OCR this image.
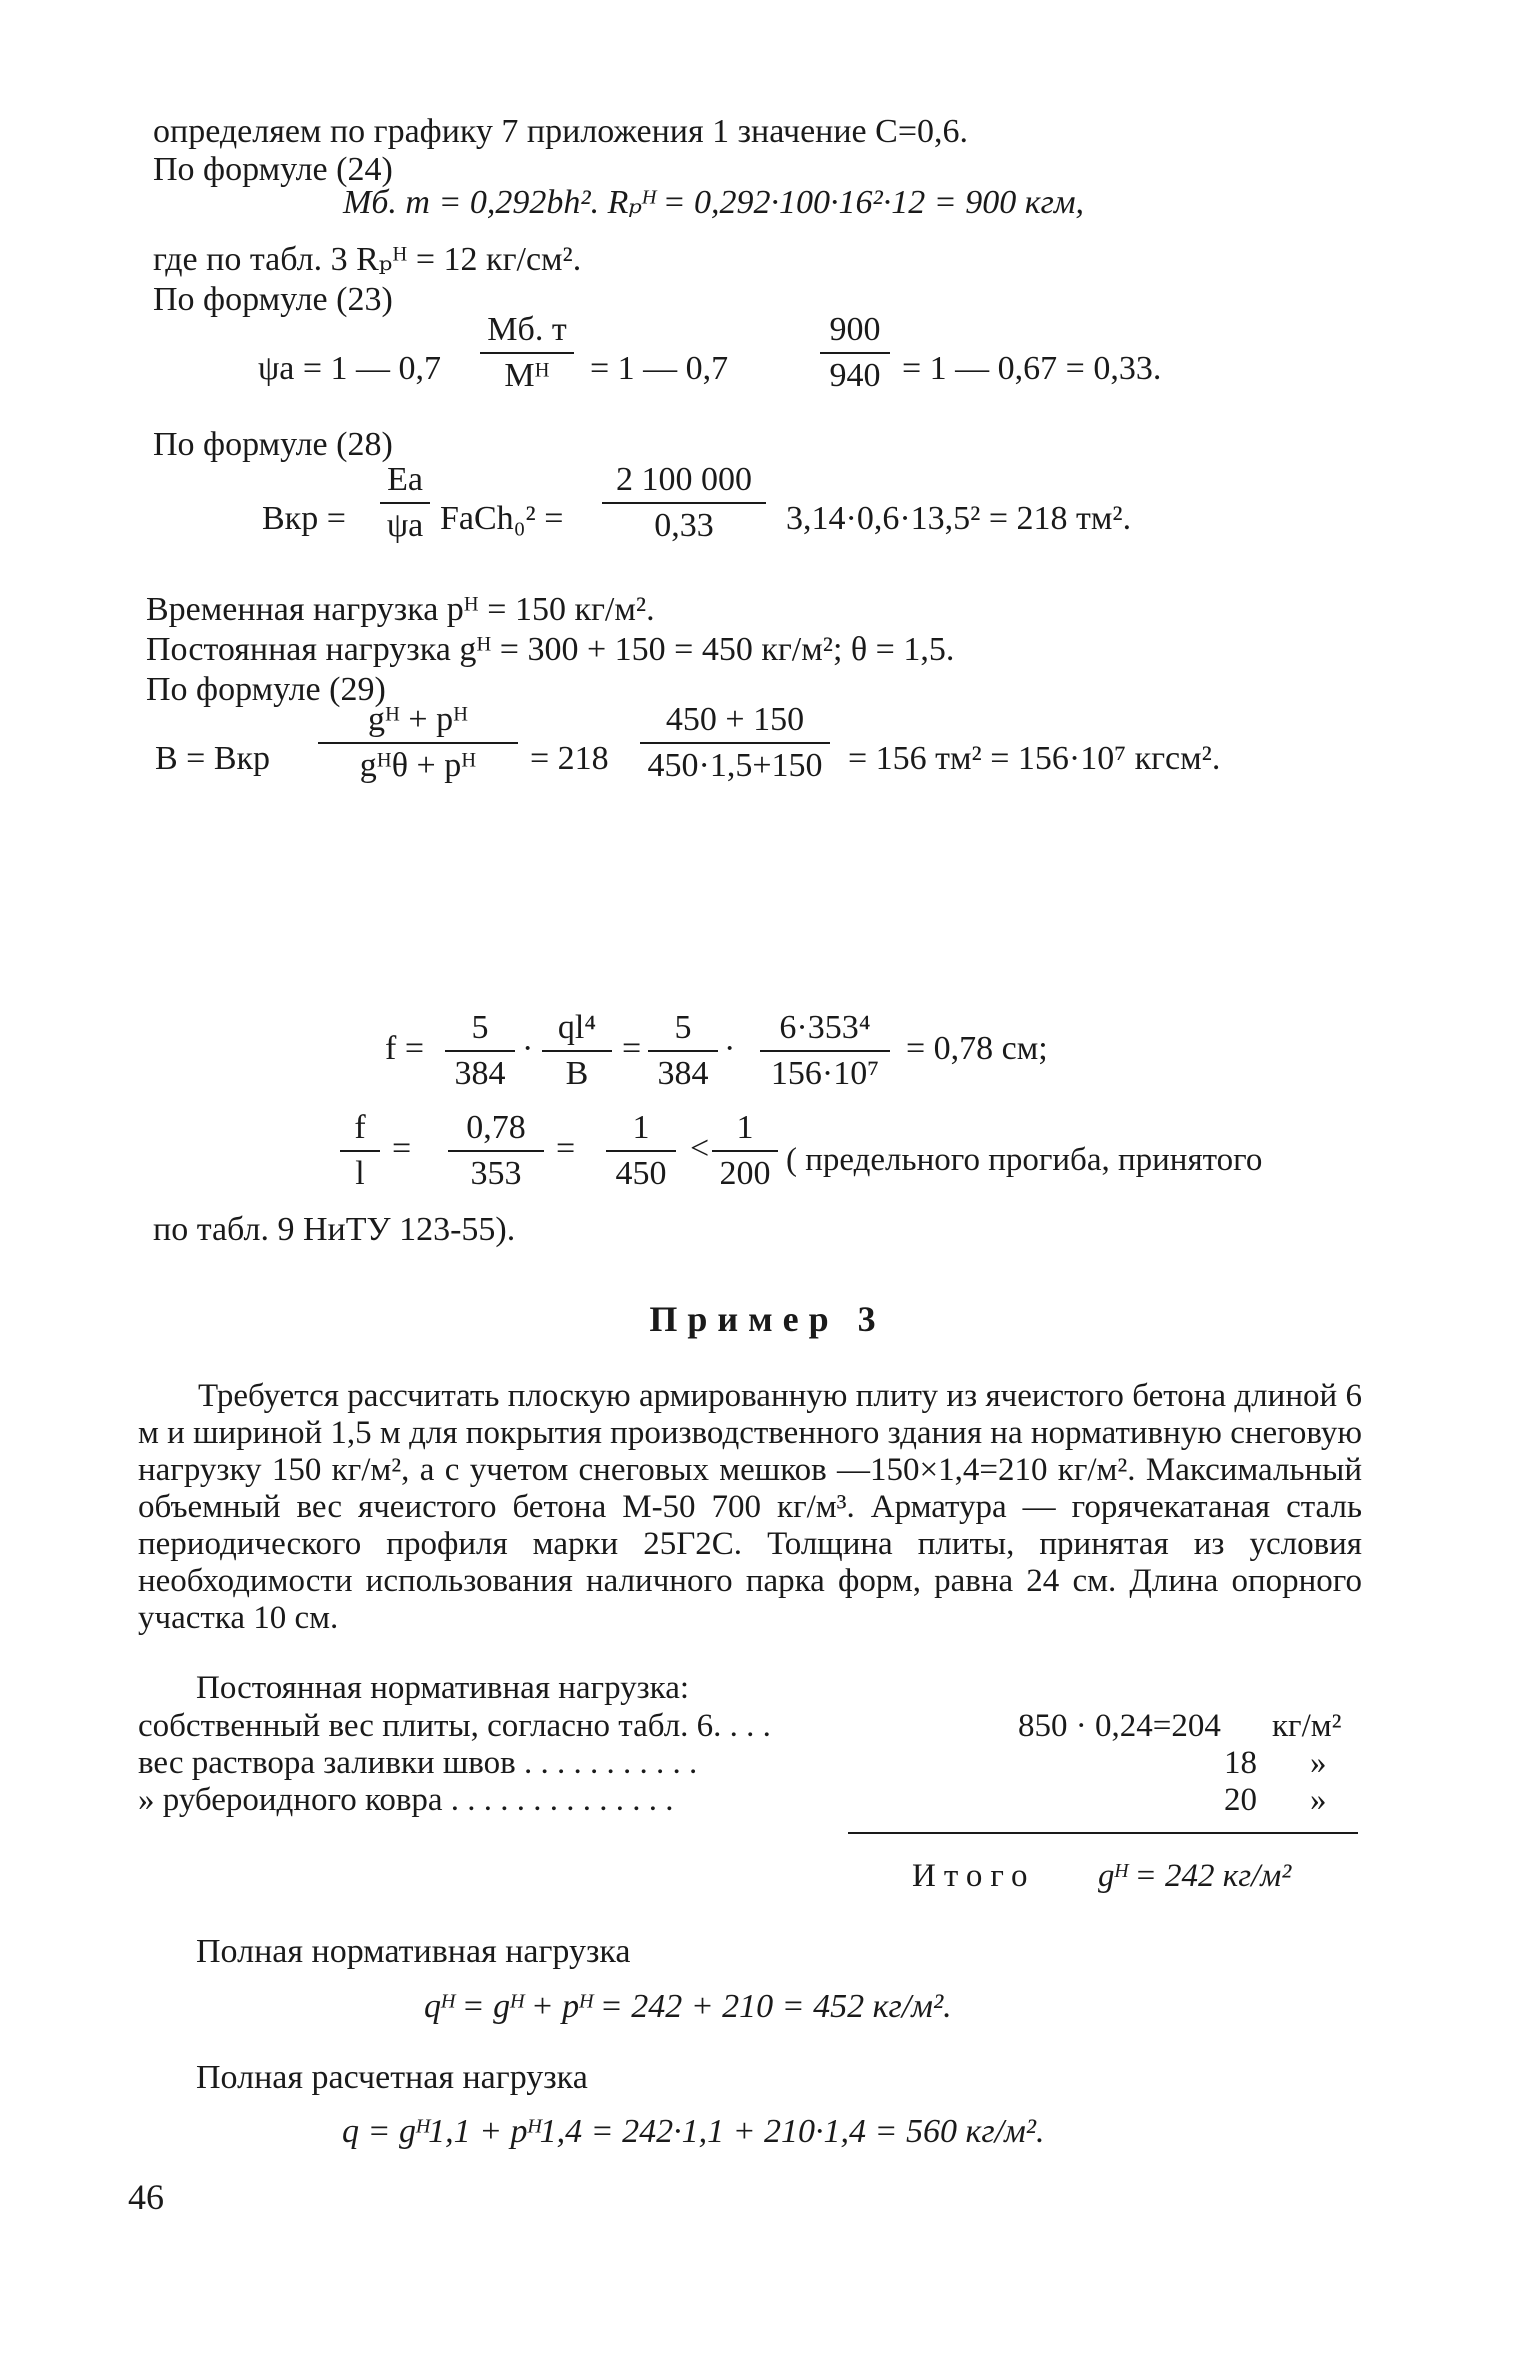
определяем по графику 7 приложения 1 значение C=0,6.
По формуле (24)
Mб. т = 0,292bh². Rₚᴴ = 0,292·100·16²·12 = 900 кгм,
где по табл. 3 Rₚᴴ = 12 кг/см².
По формуле (23)
ψа = 1 — 0,7
Mб. т
Mᴴ	= 1 — 0,7	$\frac{900}{940} = 1$ — 0,67 = 0,33.
По формуле (28)
Bкр =
Eа
ψа FаCh₀² = $\frac{2 100 000}{0,33} 3,14\cdot 0,6\cdot 13,5^2 = 218$ тм².
Временная нагрузка pᴴ = 150 кг/м².
Постоянная нагрузка gᴴ = 300 + 150 = 450 кг/м²; θ = 1,5.
По формуле (29)
B = Bкр
gᴴ + pᴴ
gᴴθ + pᴴ	= $218 \frac{450 + 150}{450\cdot 1,5+150} = 156$ тм² = 156·10⁷ кгсм².
$f = \frac{5}{384} \cdot \frac{\text{ql⁴}}{B} = \frac{5}{384} \cdot \frac{\text{6·353⁴}}{\text{156·10⁷}} = 0,78$ см;
$\frac{f}{l} = \frac{0,78}{353} = \frac{1}{450} < \frac{1}{200}$ ( предельного прогиба, принятого
по табл. 9 НиТУ 123-55).
Пример 3
Требуется рассчитать плоскую армированную плиту из ячеистого бетона длиной 6 м и шириной 1,5 м для покрытия производственного здания на нормативную снеговую нагрузку 150 кг/м², а с учетом снеговых мешков —150×1,4=210 кг/м². Максимальный объемный вес ячеистого бетона М-50 700 кг/м³. Арматура — горячекатаная сталь периодического профиля марки 25Г2С. Толщина плиты, принятая из условия необходимости использования наличного парка форм, равна 24 см. Длина опорного участка 10 см.
Постоянная нормативная нагрузка:
собственный вес плиты, согласно табл. 6. . . .	850 · 0,24=204 кг/м²
вес раствора заливки швов . . . . . . . . . . .	18 »
» рубероидного ковра . . . . . . . . . . . . . .	20 »
Итого gᴴ = 242 кг/м²
Полная нормативная нагрузка
qᴴ = gᴴ + pᴴ = 242 + 210 = 452 кг/м².
Полная расчетная нагрузка
q = gᴴ1,1 + pᴴ1,4 = 242·1,1 + 210·1,4 = 560 кг/м².
46
